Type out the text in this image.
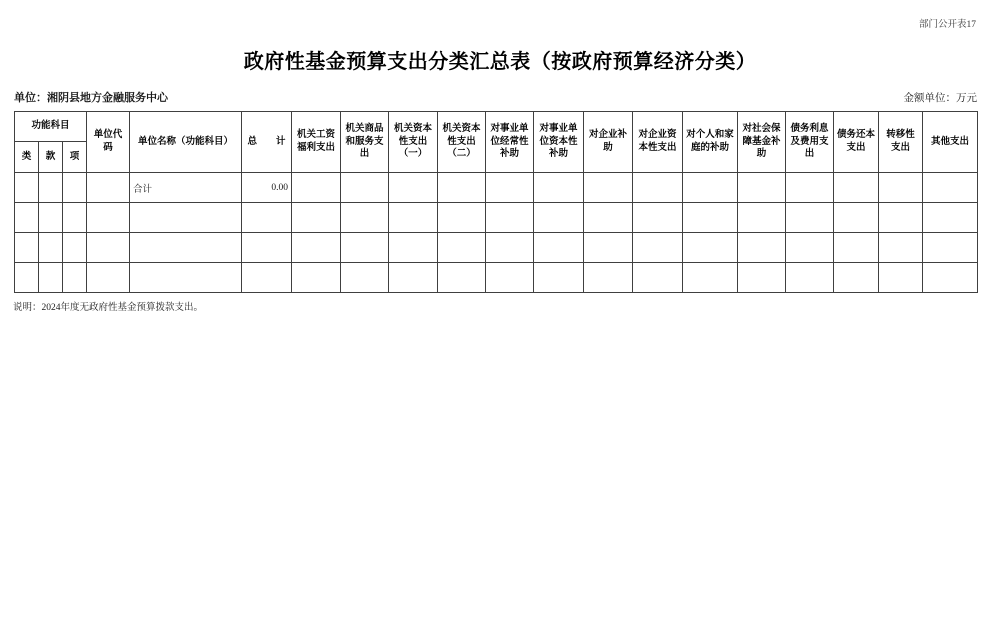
部门公开表17
政府性基金预算支出分类汇总表（按政府预算经济分类）
单位：湘阴县地方金融服务中心	金额单位：万元
功能科目			单位代码	单位名称（功能科目）	总　　计	机关工资福利支出	机关商品和服务支出	机关资本性支出（一）	机关资本性支出（二）	对事业单位经常性补助	对事业单位资本性补助	对企业补助	对企业资本性支出	对个人和家庭的补助	对社会保障基金补助	债务利息及费用支出	债务还本支出	转移性支出	其他支出
类	款	项																	
				合计	0.00														

说明：2024年度无政府性基金预算拨款支出。
